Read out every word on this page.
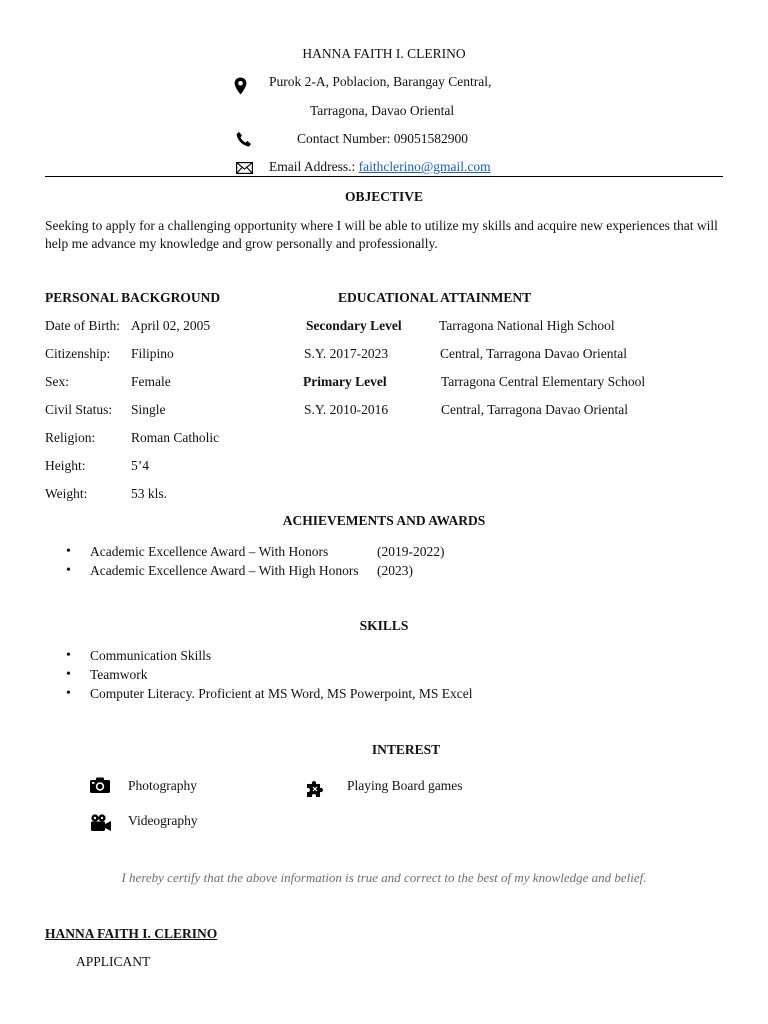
HANNA FAITH I. CLERINO
Purok 2-A, Poblacion, Barangay Central,
Tarragona, Davao Oriental
Contact Number: 09051582900
Email Address.: faithclerino@gmail.com
OBJECTIVE
Seeking to apply for a challenging opportunity where I will be able to utilize my skills and acquire new experiences that will help me advance my knowledge and grow personally and professionally.
PERSONAL BACKGROUND
Date of Birth: April 02, 2005
Citizenship: Filipino
Sex:	Female
Civil Status: Single
Religion:	Roman Catholic
Height:	5’4
Weight:	53 kls.
EDUCATIONAL ATTAINMENT
Secondary Level	Tarragona National High School
S.Y. 2017-2023	Central, Tarragona Davao Oriental
Primary Level	Tarragona Central Elementary School
S.Y. 2010-2016	Central, Tarragona Davao Oriental
ACHIEVEMENTS AND AWARDS
• Academic Excellence Award – With Honors	(2019-2022)
• Academic Excellence Award – With High Honors (2023)
SKILLS
• Communication Skills
• Teamwork
• Computer Literacy. Proficient at MS Word, MS Powerpoint, MS Excel
INTEREST
Photography	Playing Board games
Videography
I hereby certify that the above information is true and correct to the best of my knowledge and belief.
HANNA FAITH I. CLERINO
APPLICANT
